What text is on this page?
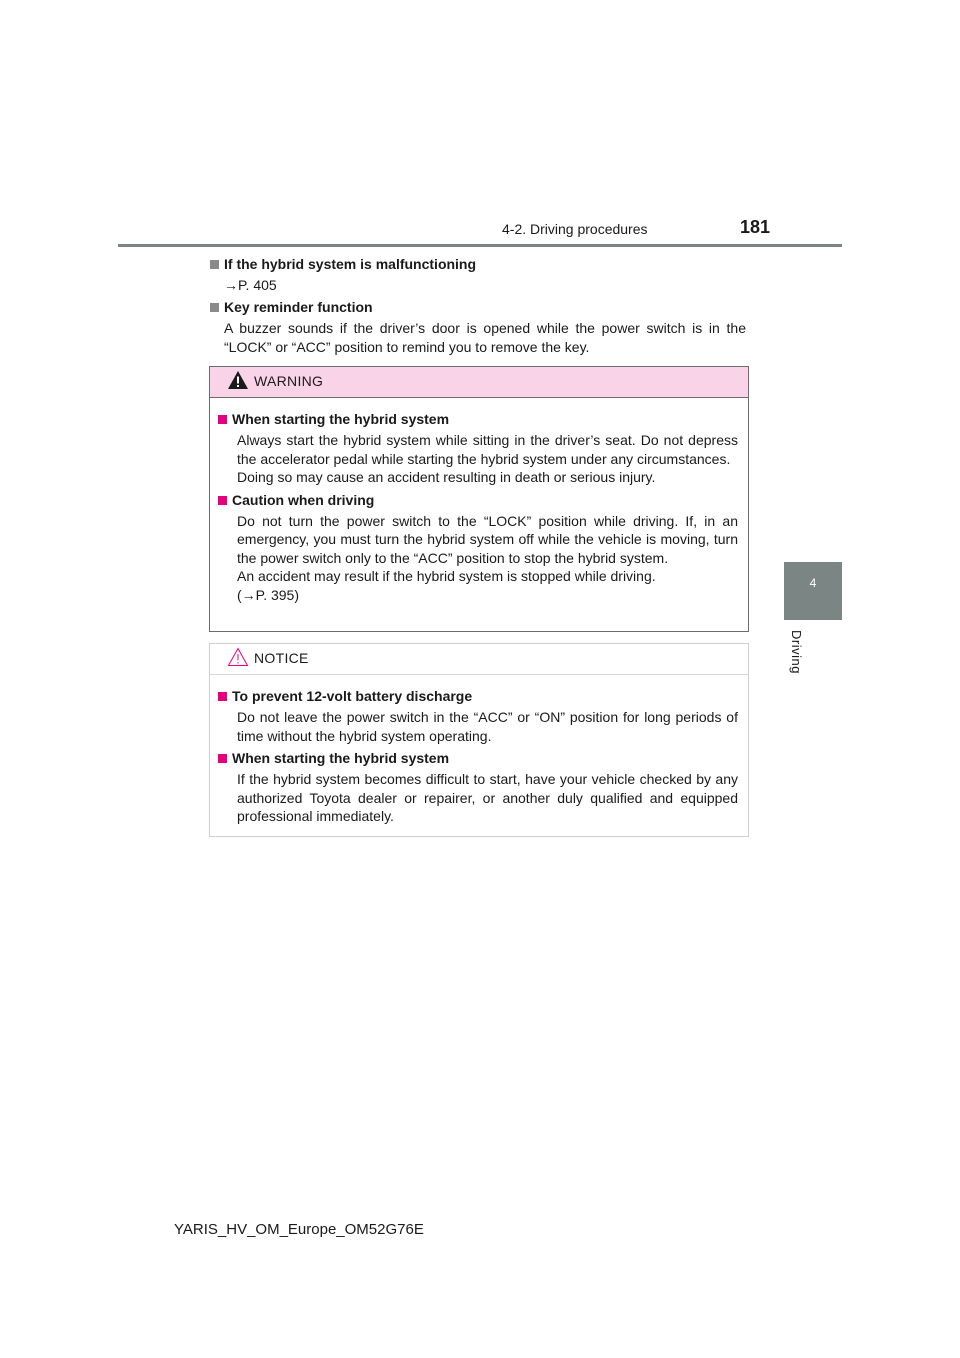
4-2. Driving procedures	181
4
Driving
If the hybrid system is malfunctioning
→P. 405
Key reminder function
A buzzer sounds if the driver’s door is opened while the power switch is in the “LOCK” or “ACC” position to remind you to remove the key.
WARNING
When starting the hybrid system
Always start the hybrid system while sitting in the driver’s seat. Do not depress the accelerator pedal while starting the hybrid system under any circumstances.
Doing so may cause an accident resulting in death or serious injury.
Caution when driving
Do not turn the power switch to the “LOCK” position while driving. If, in an emergency, you must turn the hybrid system off while the vehicle is moving, turn the power switch only to the “ACC” position to stop the hybrid system.
An accident may result if the hybrid system is stopped while driving.
(→P. 395)
NOTICE
To prevent 12-volt battery discharge
Do not leave the power switch in the “ACC” or “ON” position for long periods of time without the hybrid system operating.
When starting the hybrid system
If the hybrid system becomes difficult to start, have your vehicle checked by any authorized Toyota dealer or repairer, or another duly qualified and equipped professional immediately.
YARIS_HV_OM_Europe_OM52G76E
